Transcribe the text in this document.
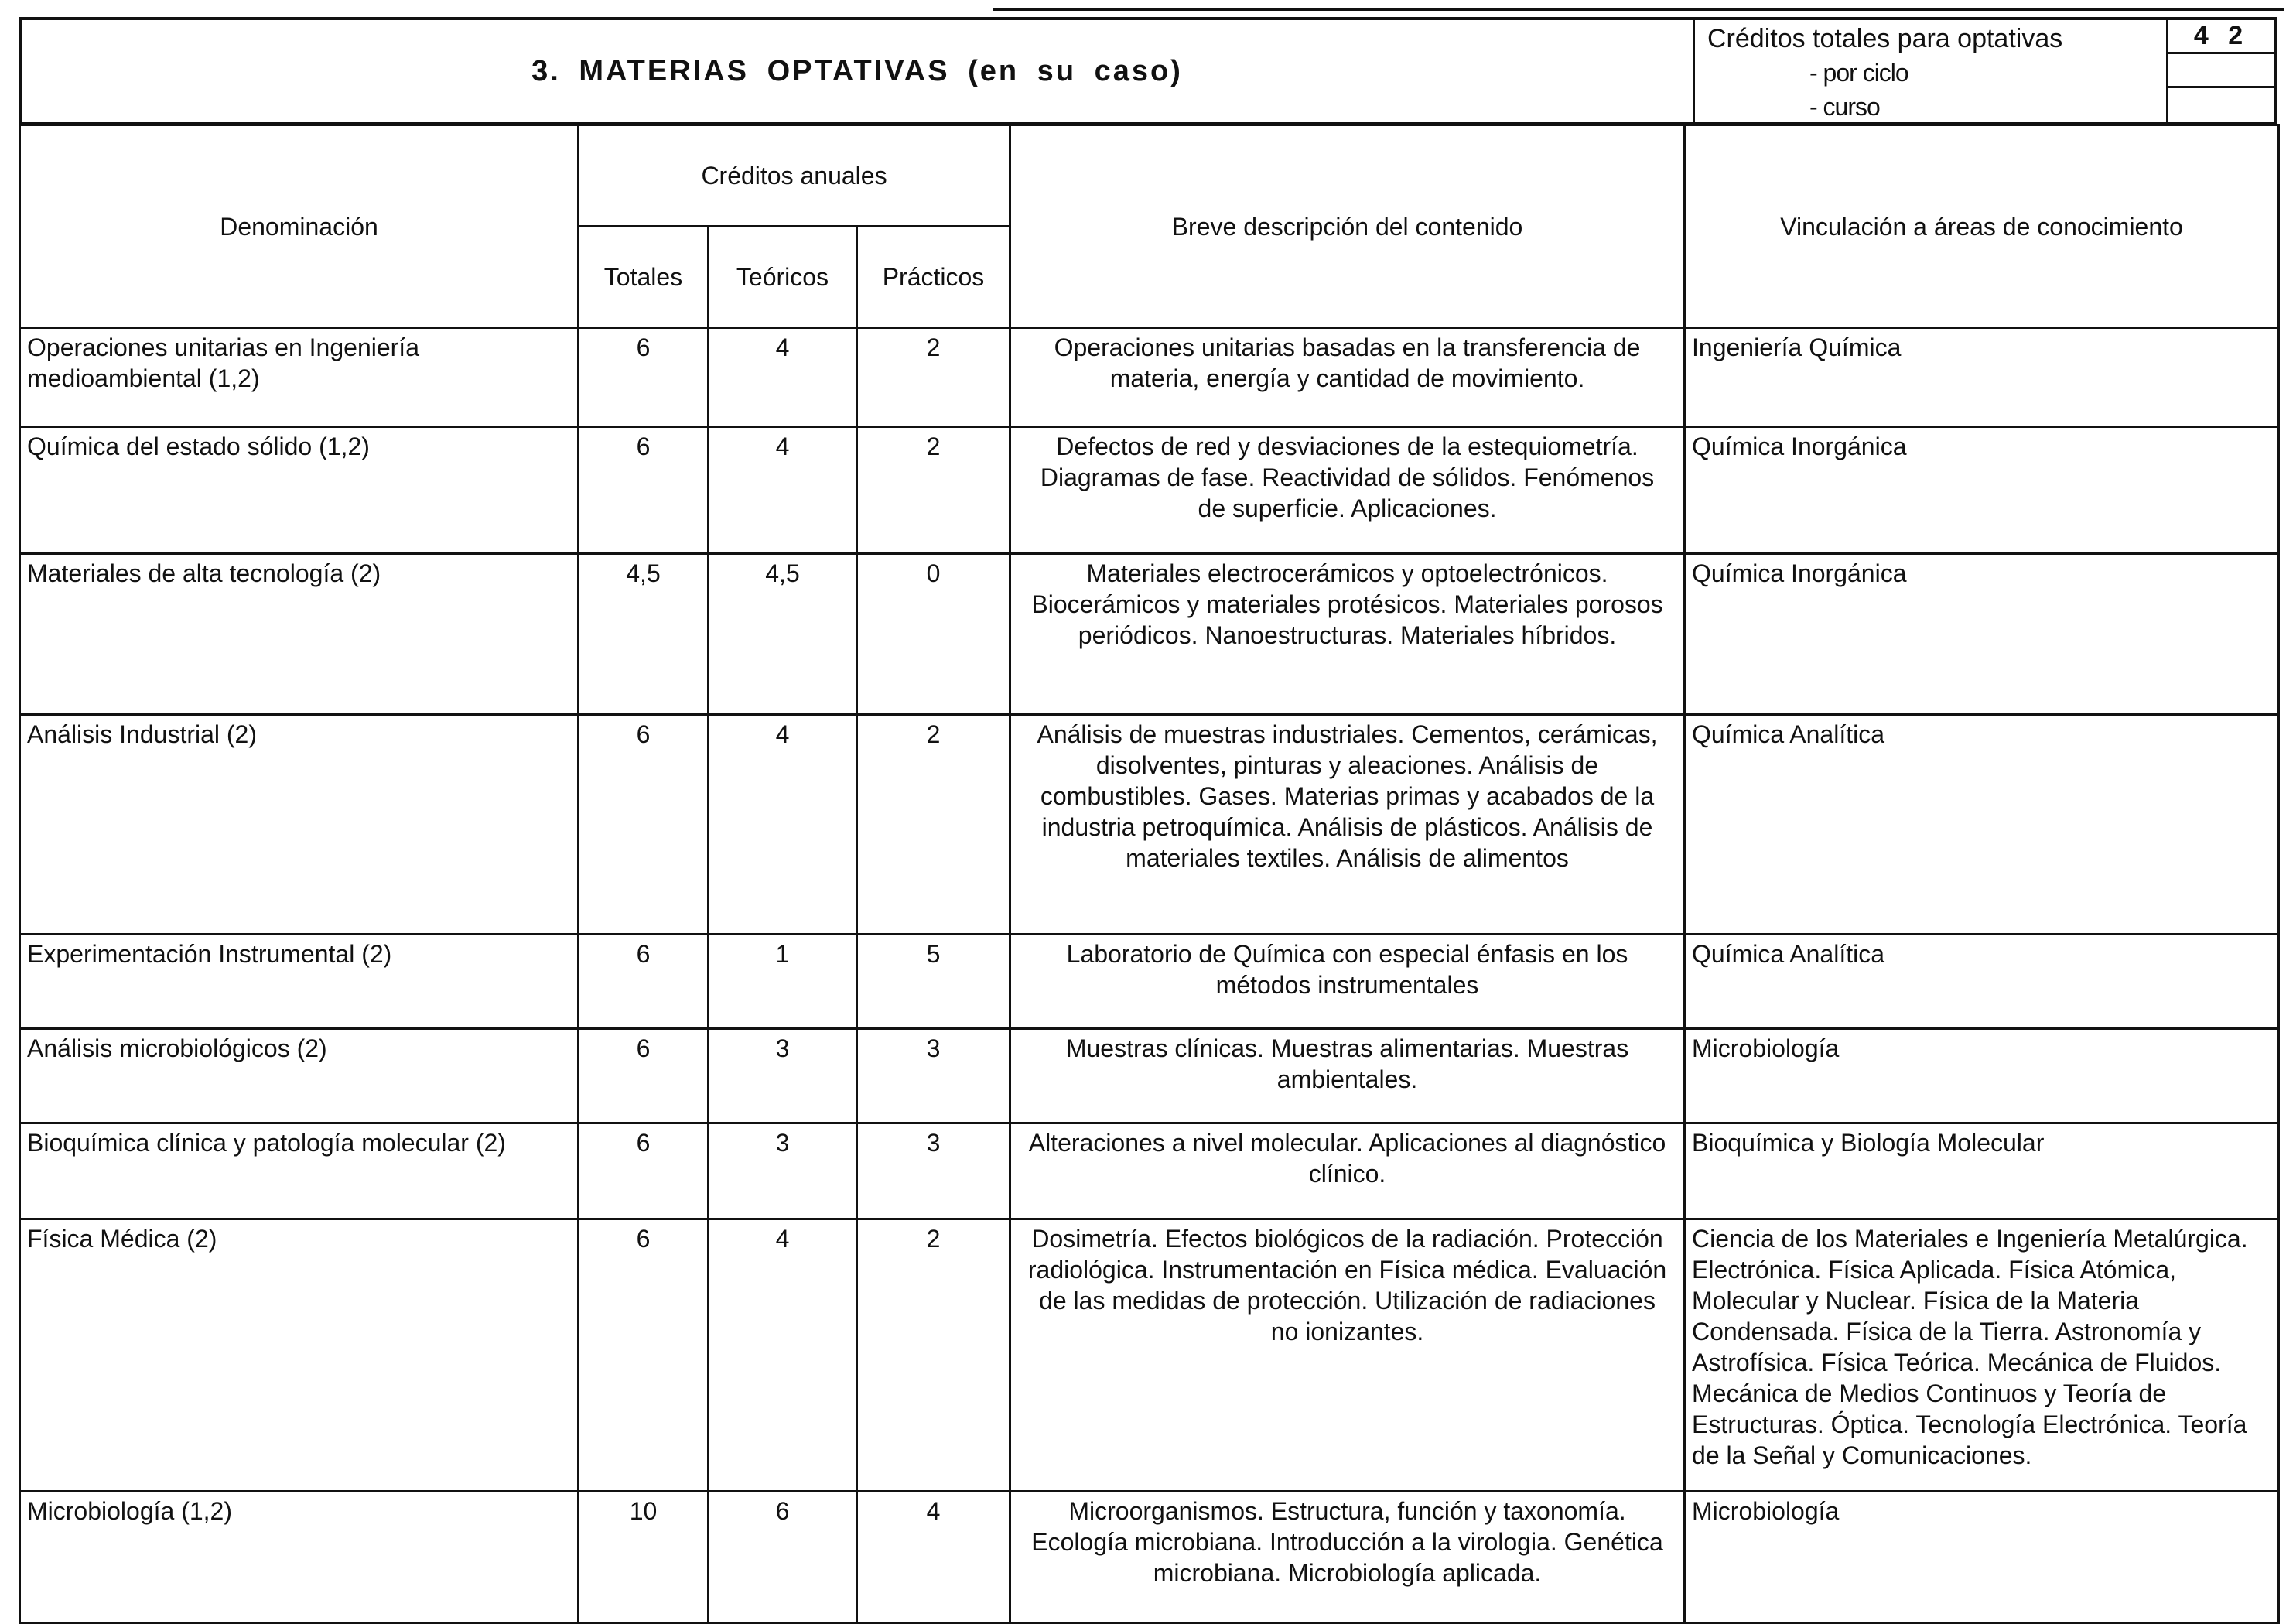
3. MATERIAS OPTATIVAS (en su caso)
Créditos totales para optativas
- por ciclo
- curso
4 2
Denominación	Créditos anuales			Breve descripción del contenido	Vinculación a áreas de conocimiento
	Totales	Teóricos	Prácticos		
Operaciones unitarias en Ingeniería medioambiental (1,2)	6	4	2	Operaciones unitarias basadas en la transferencia de materia, energía y cantidad de movimiento.	Ingeniería Química
Química del estado sólido (1,2)	6	4	2	Defectos de red y desviaciones de la estequiometría. Diagramas de fase. Reactividad de sólidos. Fenómenos de superficie. Aplicaciones.	Química Inorgánica
Materiales de alta tecnología (2)	4,5	4,5	0	Materiales electrocerámicos y optoelectrónicos. Biocerámicos y materiales protésicos. Materiales porosos periódicos. Nanoestructuras. Materiales híbridos.	Química Inorgánica
Análisis Industrial (2)	6	4	2	Análisis de muestras industriales. Cementos, cerámicas, disolventes, pinturas y aleaciones. Análisis de combustibles. Gases. Materias primas y acabados de la industria petroquímica. Análisis de plásticos. Análisis de materiales textiles. Análisis de alimentos	Química Analítica
Experimentación Instrumental (2)	6	1	5	Laboratorio de Química con especial énfasis en los métodos instrumentales	Química Analítica
Análisis microbiológicos (2)	6	3	3	Muestras clínicas. Muestras alimentarias. Muestras ambientales.	Microbiología
Bioquímica clínica y patología molecular (2)	6	3	3	Alteraciones a nivel molecular. Aplicaciones al diagnóstico clínico.	Bioquímica y Biología Molecular
Física Médica (2)	6	4	2	Dosimetría. Efectos biológicos de la radiación. Protección radiológica. Instrumentación en Física médica. Evaluación de las medidas de protección. Utilización de radiaciones no ionizantes.	Ciencia de los Materiales e Ingeniería Metalúrgica. Electrónica. Física Aplicada. Física Atómica, Molecular y Nuclear. Física de la Materia Condensada. Física de la Tierra. Astronomía y Astrofísica. Física Teórica. Mecánica de Fluidos. Mecánica de Medios Continuos y Teoría de Estructuras. Óptica. Tecnología Electrónica. Teoría de la Señal y Comunicaciones.
Microbiología (1,2)	10	6	4	Microorganismos. Estructura, función y taxonomía. Ecología microbiana. Introducción a la virologia. Genética microbiana. Microbiología aplicada.	Microbiología
